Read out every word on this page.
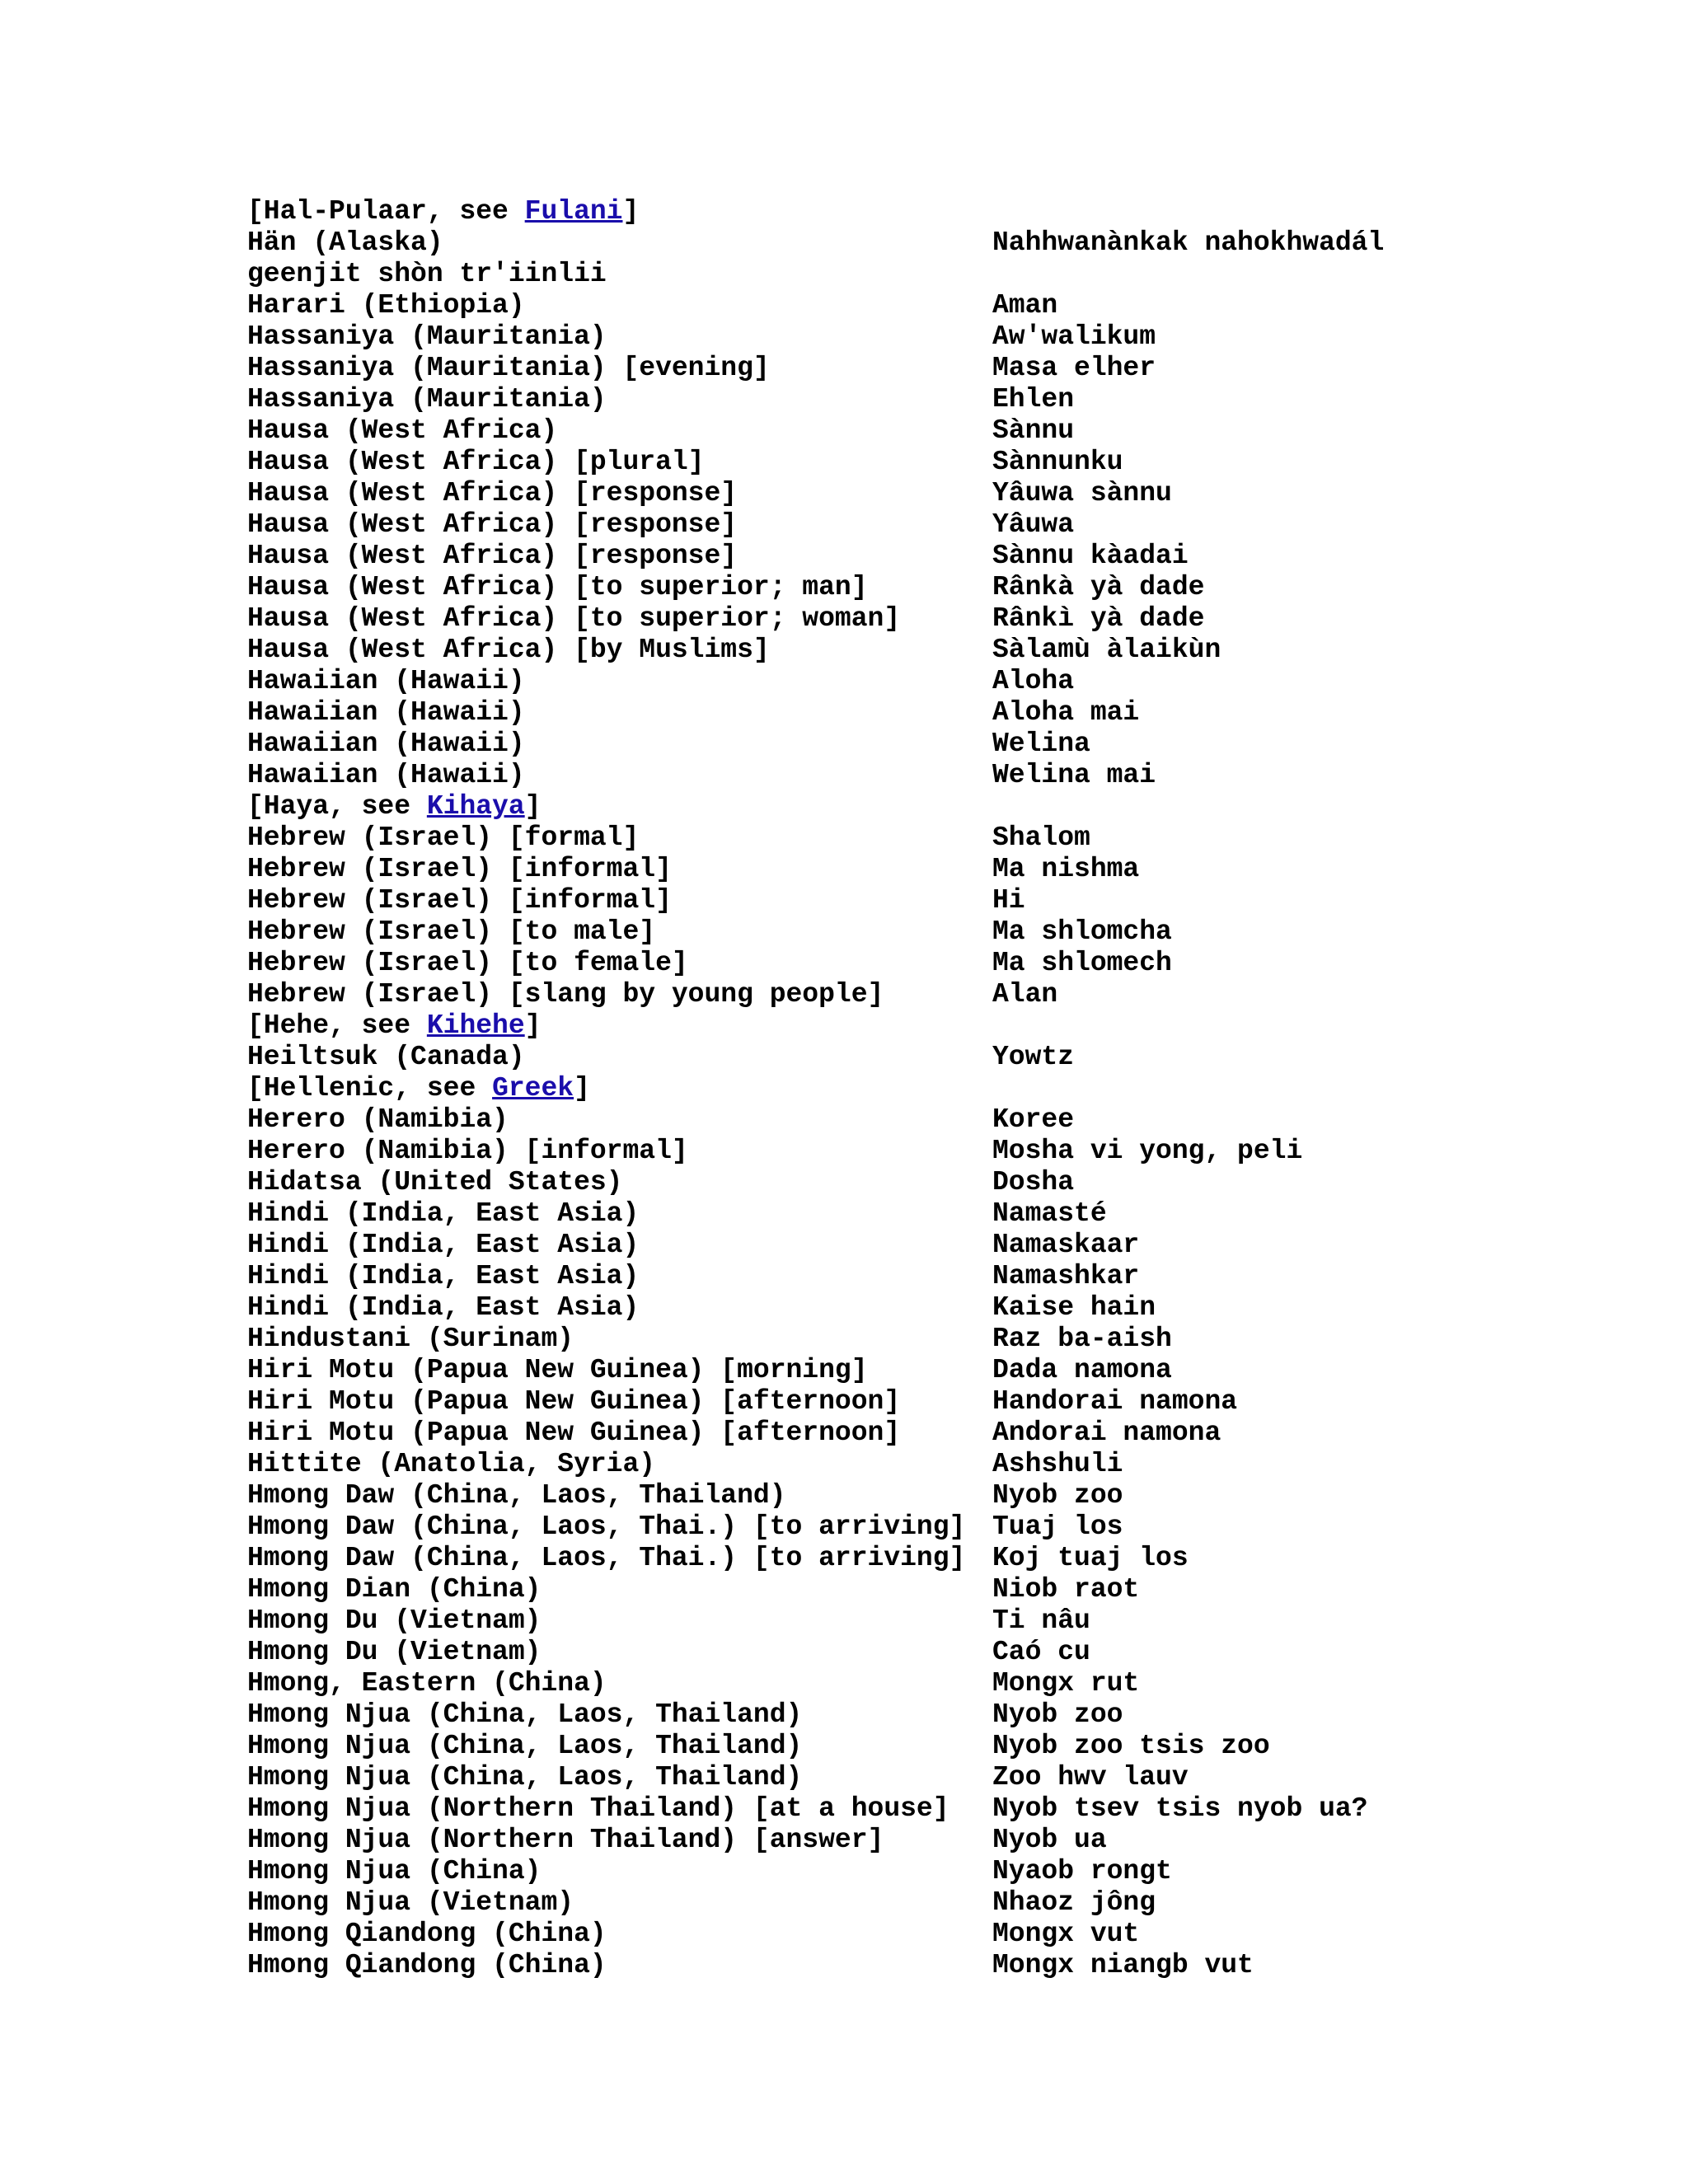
[Hal-Pulaar, see Fulani]
Hän (Alaska)	Nahhwanànkak nahokhwadál
geenjit shòn tr'iinlii
Harari (Ethiopia)	Aman
Hassaniya (Mauritania)	Aw'walikum
Hassaniya (Mauritania) [evening]	Masa elher
Hassaniya (Mauritania)	Ehlen
Hausa (West Africa)	Sànnu
Hausa (West Africa) [plural]	Sànnunku
Hausa (West Africa) [response]	Yâuwa sànnu
Hausa (West Africa) [response]	Yâuwa
Hausa (West Africa) [response]	Sànnu kàadai
Hausa (West Africa) [to superior; man]	Rânkà yà dade
Hausa (West Africa) [to superior; woman]	Rânkì yà dade
Hausa (West Africa) [by Muslims]	Sàlamù àlaikùn
Hawaiian (Hawaii)	Aloha
Hawaiian (Hawaii)	Aloha mai
Hawaiian (Hawaii)	Welina
Hawaiian (Hawaii)	Welina mai
[Haya, see Kihaya]
Hebrew (Israel) [formal]	Shalom
Hebrew (Israel) [informal]	Ma nishma
Hebrew (Israel) [informal]	Hi
Hebrew (Israel) [to male]	Ma shlomcha
Hebrew (Israel) [to female]	Ma shlomech
Hebrew (Israel) [slang by young people]	Alan
[Hehe, see Kihehe]
Heiltsuk (Canada)	Yowtz
[Hellenic, see Greek]
Herero (Namibia)	Koree
Herero (Namibia) [informal]	Mosha vi yong, peli
Hidatsa (United States)	Dosha
Hindi (India, East Asia)	Namasté
Hindi (India, East Asia)	Namaskaar
Hindi (India, East Asia)	Namashkar
Hindi (India, East Asia)	Kaise hain
Hindustani (Surinam)	Raz ba-aish
Hiri Motu (Papua New Guinea) [morning]	Dada namona
Hiri Motu (Papua New Guinea) [afternoon]	Handorai namona
Hiri Motu (Papua New Guinea) [afternoon]	Andorai namona
Hittite (Anatolia, Syria)	Ashshuli
Hmong Daw (China, Laos, Thailand)	Nyob zoo
Hmong Daw (China, Laos, Thai.) [to arriving] Tuaj los
Hmong Daw (China, Laos, Thai.) [to arriving] Koj tuaj los
Hmong Dian (China)	Niob raot
Hmong Du (Vietnam)	Ti nâu
Hmong Du (Vietnam)	Caó cu
Hmong, Eastern (China)	Mongx rut
Hmong Njua (China, Laos, Thailand)	Nyob zoo
Hmong Njua (China, Laos, Thailand)	Nyob zoo tsis zoo
Hmong Njua (China, Laos, Thailand)	Zoo hwv lauv
Hmong Njua (Northern Thailand) [at a house] Nyob tsev tsis nyob ua?
Hmong Njua (Northern Thailand) [answer]	Nyob ua
Hmong Njua (China)	Nyaob rongt
Hmong Njua (Vietnam)	Nhaoz jông
Hmong Qiandong (China)	Mongx vut
Hmong Qiandong (China)	Mongx niangb vut
